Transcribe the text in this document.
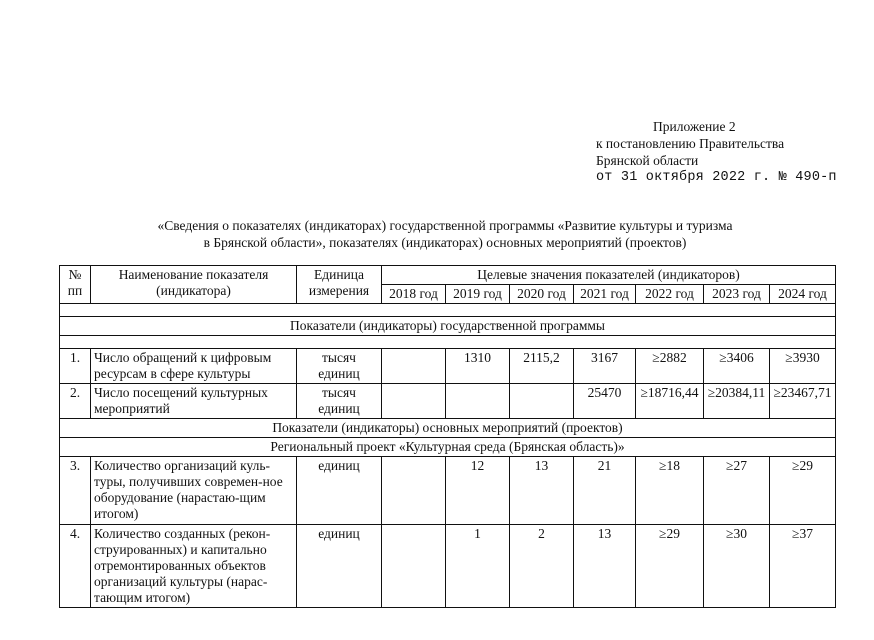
Приложение 2
к постановлению Правительства
Брянской области
от 31 октября 2022 г. № 490-п
«Сведения о показателях (индикаторах) государственной программы «Развитие культуры и туризма
в Брянской области», показателях (индикаторах) основных мероприятий (проектов)
№ пп	Наименование показателя (индикатора)	Единица измерения	Целевые значения показателей (индикаторов)						
			2018 год	2019 год	2020 год	2021 год	2022 год	2023 год	2024 год

Показатели (индикаторы) государственной программы									

1.	Число обращений к цифровым ресурсам в сфере культуры	тысяч единиц		1310	2115,2	3167	≥2882	≥3406	≥3930
2.	Число посещений культурных мероприятий	тысяч единиц				25470	≥18716,44	≥20384,11	≥23467,71
Показатели (индикаторы) основных мероприятий (проектов)									
Региональный проект «Культурная среда (Брянская область)»									
3.	Количество организаций куль-туры, получивших современ-ное оборудование (нарастаю-щим итогом)	единиц		12	13	21	≥18	≥27	≥29
4.	Количество созданных (рекон-струированных) и капитально отремонтированных объектов организаций культуры (нарас-тающим итогом)	единиц		1	2	13	≥29	≥30	≥37
